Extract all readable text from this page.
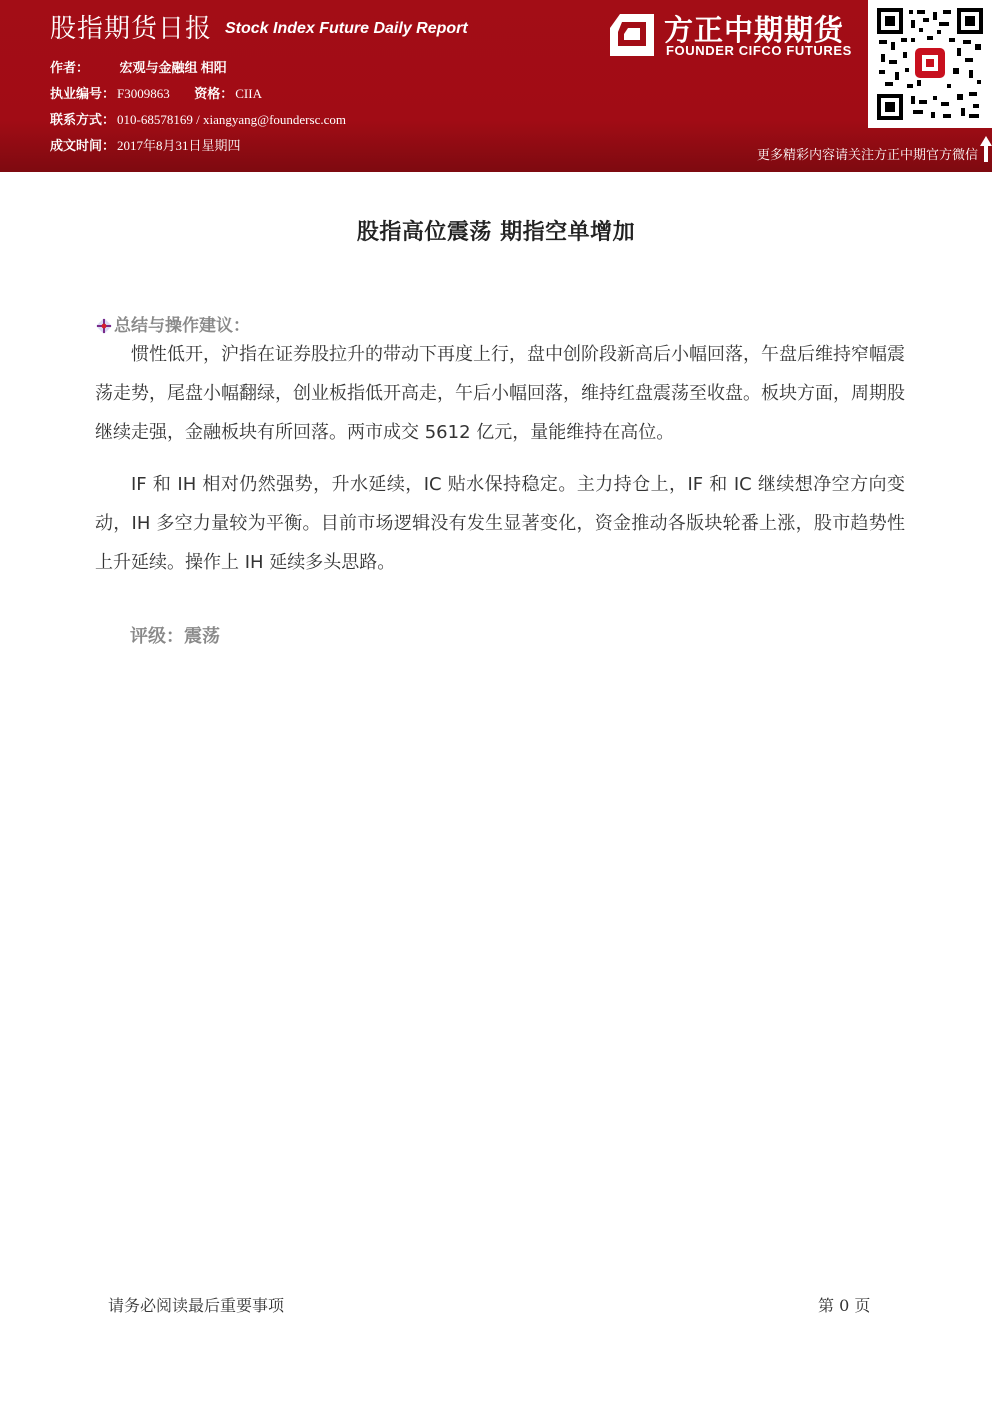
股指期货日报 Stock Index Future Daily Report
作者： 宏观与金融组 相阳
执业编号： F3009863 资格： CIIA
联系方式： 010-68578169 / xiangyang@foundersc.com
成文时间： 2017年8月31日星期四
方正中期期货
FOUNDER CIFCO FUTURES
更多精彩内容请关注方正中期官方微信
股指高位震荡 期指空单增加
总结与操作建议：

惯性低开，沪指在证券股拉升的带动下再度上行，盘中创阶段新高后小幅回落，午盘后维持窄幅震荡走势，尾盘小幅翻绿，创业板指低开高走，午后小幅回落，维持红盘震荡至收盘。板块方面，周期股继续走强，金融板块有所回落。两市成交 5612 亿元，量能维持在高位。

IF 和 IH 相对仍然强势，升水延续，IC 贴水保持稳定。主力持仓上，IF 和 IC 继续想净空方向变动，IH 多空力量较为平衡。目前市场逻辑没有发生显著变化，资金推动各版块轮番上涨，股市趋势性上升延续。操作上 IH 延续多头思路。

评级：震荡
请务必阅读最后重要事项	第 0 页
